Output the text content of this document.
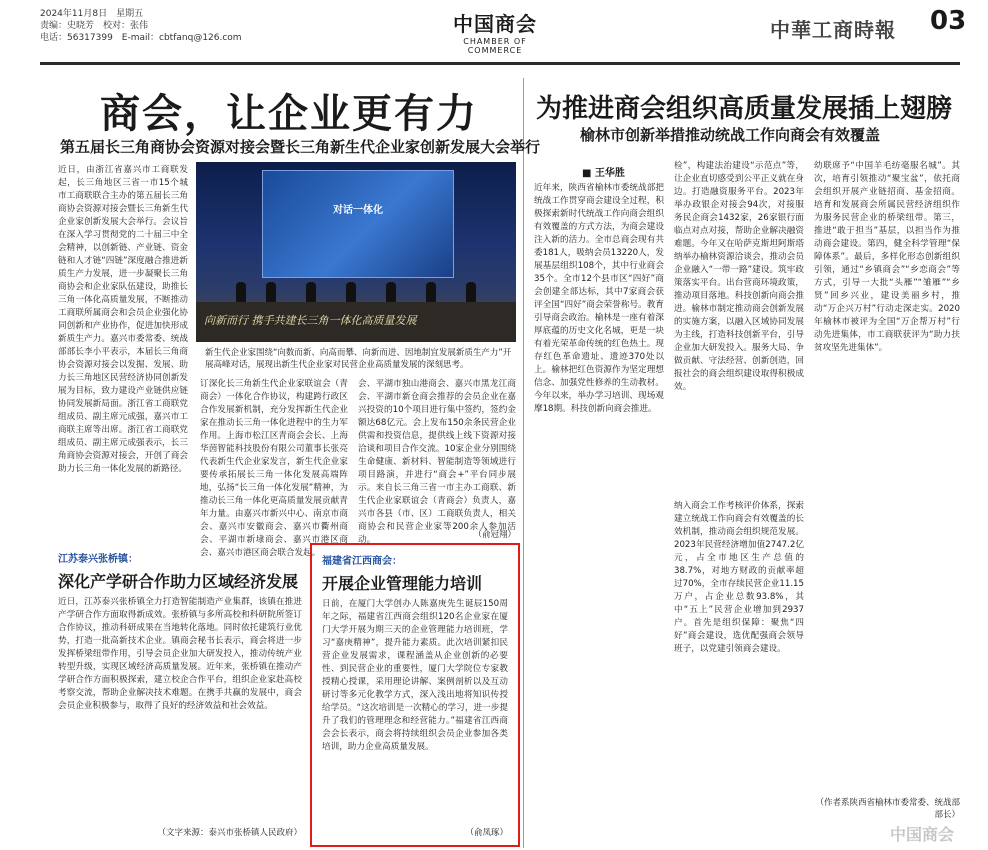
2024年11月8日　星期五
责编：史晓芳　校对：张伟
电话：56317399　E-mail：cbtfanq@126.com
中国商会
CHAMBER OF COMMERCE
中華工商時報 03
商会，让企业更有力
第五届长三角商协会资源对接会暨长三角新生代企业家创新发展大会举行
近日，由浙江省嘉兴市工商联发起，长三角地区三省一市15个城市工商联联合主办的第五届长三角商协会资源对接会暨长三角新生代企业家创新发展大会举行。会议旨在深入学习贯彻党的二十届三中全会精神，以创新链、产业链、资金链和人才链“四链”深度融合推进新质生产力发展，进一步凝聚长三角商协会和企业家队伍建设，助推长三角一体化高质量发展，不断推动工商联所属商会和会员企业强化协同创新和产业协作，促进加快形成新质生产力。嘉兴市委常委、统战部部长李小平表示，本届长三角商协会资源对接会以发掘、发展、助力长三角地区民营经济协同创新发展为目标，致力建设产业链供应链协同发展新局面。浙江省工商联党组成员、副主席元成强，嘉兴市工商联主席等出席。浙江省工商联党组成员、副主席元成强表示，长三角商协会资源对接会，开创了商会助力长三角一体化发展的新路径。
对话一体化
向新而行 携手共建长三角一体化高质量发展
新生代企业家围绕“向数而新、向高而攀、向新而进、因地制宜发展新质生产力”开展高峰对话，展现出新生代企业家对民营企业高质量发展的深刻思考。
订深化长三角新生代企业家联谊会（青商会）一体化合作协议，构建跨行政区合作发展新机制，充分发挥新生代企业家在推动长三角一体化进程中的生力军作用。上海市松江区青商会会长、上海华茵智能科技股份有限公司董事长张亮代表新生代企业家发言，新生代企业家要传承拓展长三角一体化发展高端阵地，弘扬“长三角一体化发展”精神，为推动长三角一体化更高质量发展贡献青年力量。由嘉兴市新兴中心、南京市商会、嘉兴市安徽商会、嘉兴市衢州商会、平湖市新埭商会、嘉兴市港区商会、嘉兴市港区商会联合发起。
会、平湖市独山港商会、嘉兴市黑龙江商会、平湖市新仓商会推荐的会员企业在嘉兴投资的10个项目进行集中签约，签约金额达68亿元。会上发布150余条民营企业供需和投资信息，提供线上线下资源对接洽谈和项目合作交流。10家企业分别围绕生命健康、新材料、智能制造等领域进行项目路演，并进行“商会+”平台同步展示。来自长三角三省一市主办工商联、新生代企业家联谊会（青商会）负责人，嘉兴市各县（市、区）工商联负责人，相关商协会和民营企业家等200余人参加活动。	（俞冠翔）
江苏泰兴张桥镇：
深化产学研合作助力区域经济发展
近日，江苏泰兴张桥镇全力打造智能制造产业集群，该镇在推进产学研合作方面取得新成效。张桥镇与多所高校和科研院所签订合作协议，推动科研成果在当地转化落地。同时依托建筑行业优势，打造一批高新技术企业。镇商会秘书长表示，商会将进一步发挥桥梁纽带作用，引导会员企业加大研发投入，推动传统产业转型升级，实现区域经济高质量发展。近年来，张桥镇在推动产学研合作方面积极探索，建立校企合作平台，组织企业家赴高校考察交流，帮助企业解决技术难题。在携手共赢的发展中，商会会员企业积极参与，取得了良好的经济效益和社会效益。
（文字来源：泰兴市张桥镇人民政府）
福建省江西商会：
开展企业管理能力培训
日前，在厦门大学创办人陈嘉庚先生诞辰150周年之际，福建省江西商会组织120名企业家在厦门大学开展为期三天的企业管理能力培训班，学习“嘉庚精神”，提升能力素质。此次培训紧扣民营企业发展需求，课程涵盖从企业创新的必要性、到民营企业的重要性，厦门大学院位专家教授精心授课，采用理论讲解、案例剖析以及互动研讨等多元化教学方式，深入浅出地将知识传授给学员。“这次培训是一次精心的学习，进一步提升了我们的管理理念和经营能力。”福建省江西商会会长表示，商会将持续组织会员企业参加各类培训，助力企业高质量发展。
（俞凤琢）
为推进商会组织高质量发展插上翅膀
榆林市创新举措推动统战工作向商会有效覆盖
■ 王华胜
近年来，陕西省榆林市委统战部把统战工作贯穿商会建设全过程，积极探索新时代统战工作向商会组织有效覆盖的方式方法，为商会建设注入新的活力。全市总商会现有共委181人，吸纳会员13220人，发展基层组织108个，其中行业商会35个。全市12个县市区“四好”商会创建全部达标，其中7家商会获评全国“四好”商会荣誉称号。教育引导商会政治。榆林是一座有着深厚底蕴的历史文化名城，更是一块有着光荣革命传统的红色热土。现存红色革命遗址、遗迹370处以上。榆林把红色资源作为坚定理想信念、加强党性修养的生动教材。今年以来，举办学习培训、现场观摩18期。科技创新向商会推进。
检”，构建法治建设“示范点”等，让企业直切感受到公平正义就在身边。打造融资服务平台。2023年举办政银企对接会94次，对接服务民企商会1432家，26家银行面临点对点对接，帮助企业解决融资难题。今年又在哈萨克斯坦阿斯塔纳举办榆林资源洽谈会，推动会员企业融入“一带一路”建设。筑牢政策落实平台。出台营商环境政策，推动项目落地。科技创新向商会推进。榆林市制定推动商会创新发展的实施方案，以融入区域协同发展为主线，打造科技创新平台，引导企业加大研发投入。服务大局、争做贡献、守法经营、创新创造，回报社会的商会组织建设取得积极成效。
纳入商会工作考核评价体系，探索建立统战工作向商会有效覆盖的长效机制，推动商会组织规范发展。2023年民营经济增加值2747.2亿元，占全市地区生产总值的38.7%，对地方财政的贡献率超过70%，全市存续民营企业11.15万户，占企业总数93.8%，其中“五上”民营企业增加到2937户。首先是组织保障：聚焦“四好”商会建设，选优配强商会领导班子，以党建引领商会建设。
幼联席予“中国羊毛纺毫服名城”。其次，培育引领推动“聚宝盆”，依托商会组织开展产业链招商、基金招商。培育和发展商会所属民营经济组织作为服务民营企业的桥梁纽带。第三，推进“敢于担当”基层，以担当作为推动商会建设。第四，健全科学管理“保障体系”。最后，多样化形态创新组织引领，通过“乡镇商会”“乡恋商会”等方式，引导一大批“头雁”“雏雁”“乡贤”回乡兴业，建设美丽乡村，推动“万企兴万村”行动走深走实。2020年榆林市被评为全国“万企帮万村”行动先进集体，市工商联获评为“助力扶贫攻坚先进集体”。
（作者系陕西省榆林市委常委、统战部部长）
中国商会
